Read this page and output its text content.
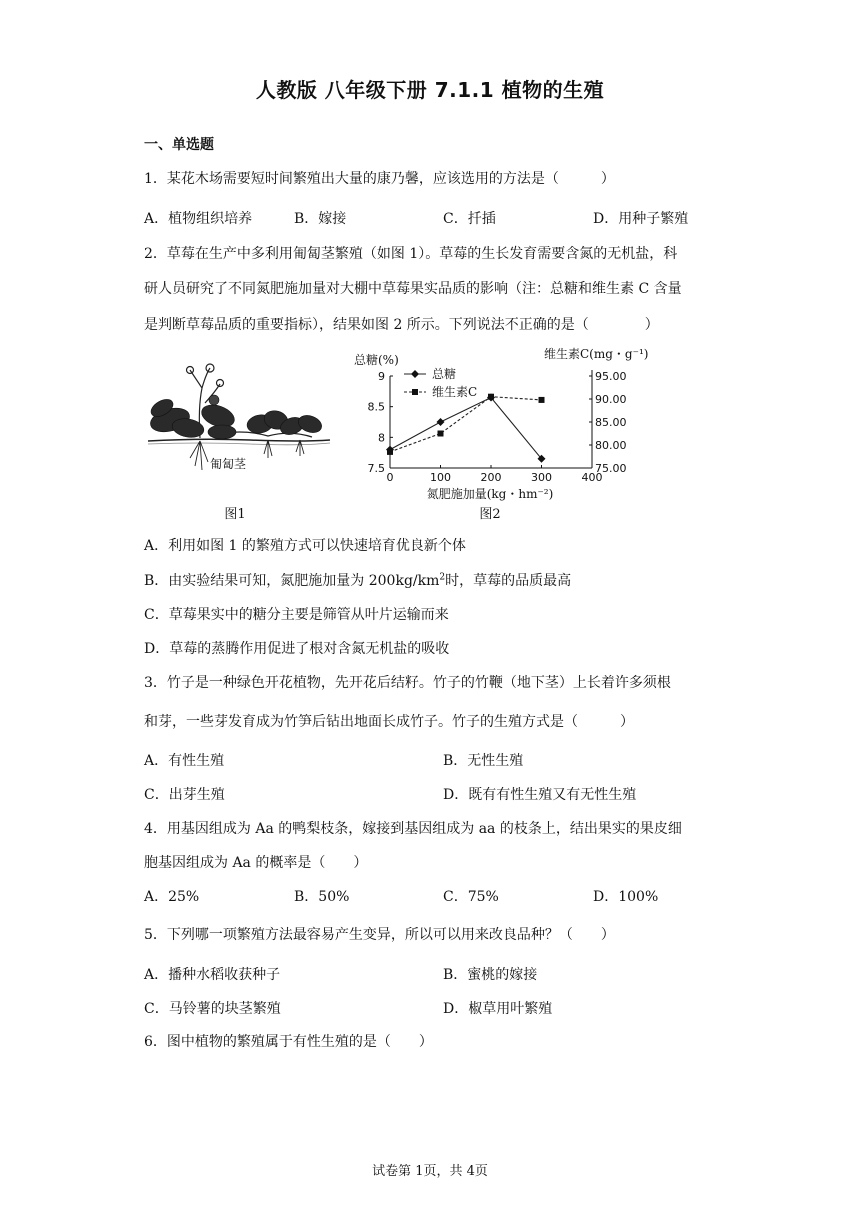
人教版 八年级下册 7.1.1 植物的生殖
一、单选题
1．某花木场需要短时间繁殖出大量的康乃馨，应该选用的方法是（　　　）
A．植物组织培养	B．嫁接	C．扦插	D．用种子繁殖
2．草莓在生产中多利用匍匐茎繁殖（如图 1）。草莓的生长发育需要含氮的无机盐，科
研人员研究了不同氮肥施加量对大棚中草莓果实品质的影响（注：总糖和维生素 C 含量
是判断草莓品质的重要指标），结果如图 2 所示。下列说法不正确的是（　　　　）
匍匐茎
图1
总糖(%)	维生素C(mg・g⁻¹)
氮肥施加量(kg・hm⁻²)
图2
0	100	200	300	400
7.5
8
8.5
9
75.00
80.00
85.00
90.00
95.00
总糖
维生素C
A．利用如图 1 的繁殖方式可以快速培育优良新个体
B．由实验结果可知，氮肥施加量为 $200kg/km^2$时，草莓的品质最高
C．草莓果实中的糖分主要是筛管从叶片运输而来
D．草莓的蒸腾作用促进了根对含氮无机盐的吸收
3．竹子是一种绿色开花植物，先开花后结籽。竹子的竹鞭（地下茎）上长着许多须根
和芽，一些芽发育成为竹笋后钻出地面长成竹子。竹子的生殖方式是（　　　）
A．有性生殖	B．无性生殖
C．出芽生殖	D．既有有性生殖又有无性生殖
4．用基因组成为 Aa 的鸭梨枝条，嫁接到基因组成为 aa 的枝条上，结出果实的果皮细
胞基因组成为 Aa 的概率是（　　）
A．25%	B．50%	C．75%	D．100%
5．下列哪一项繁殖方法最容易产生变异，所以可以用来改良品种？（　　）
A．播种水稻收获种子	B．蜜桃的嫁接
C．马铃薯的块茎繁殖	D．椒草用叶繁殖
6．图中植物的繁殖属于有性生殖的是（　　）
试卷第 1页，共 4页
